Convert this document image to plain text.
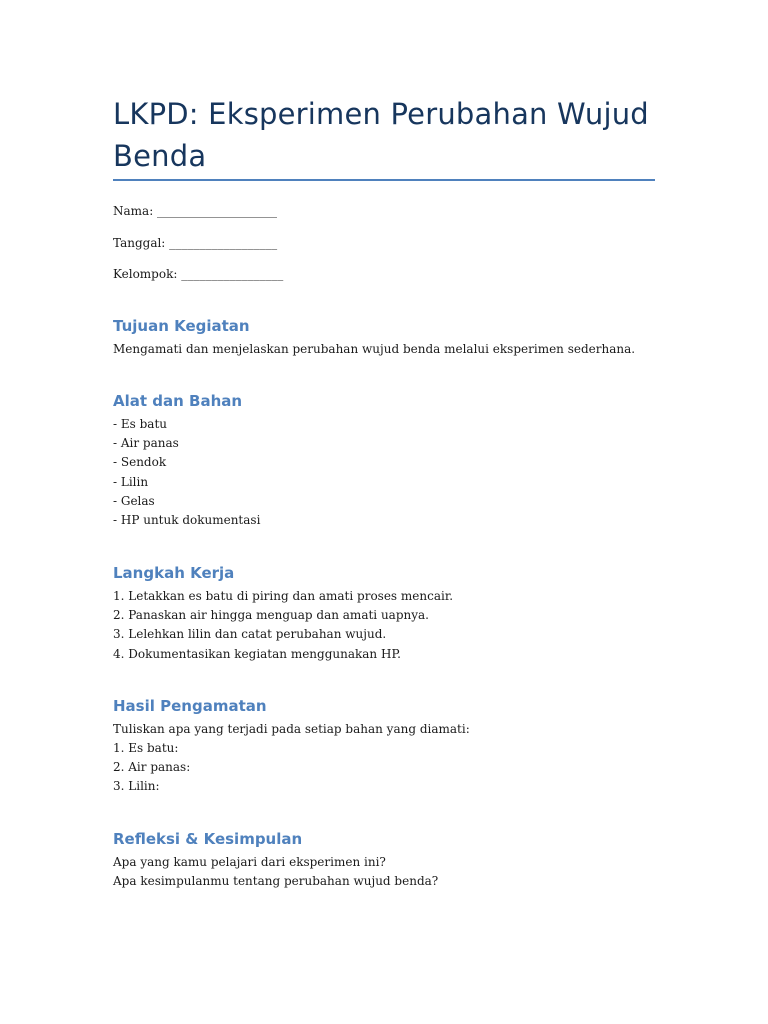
LKPD: Eksperimen Perubahan Wujud Benda

Nama: ____________________

Tanggal: __________________

Kelompok: _________________

Tujuan Kegiatan

Mengamati dan menjelaskan perubahan wujud benda melalui eksperimen sederhana.

Alat dan Bahan
- Es batu
- Air panas
- Sendok
- Lilin
- Gelas
- HP untuk dokumentasi
Langkah Kerja
1. Letakkan es batu di piring dan amati proses mencair.
2. Panaskan air hingga menguap dan amati uapnya.
3. Lelehkan lilin dan catat perubahan wujud.
4. Dokumentasikan kegiatan menggunakan HP.
Hasil Pengamatan

Tuliskan apa yang terjadi pada setiap bahan yang diamati:

1. Es batu:
2. Air panas:
3. Lilin:
Refleksi & Kesimpulan
Apa yang kamu pelajari dari eksperimen ini?
Apa kesimpulanmu tentang perubahan wujud benda?
